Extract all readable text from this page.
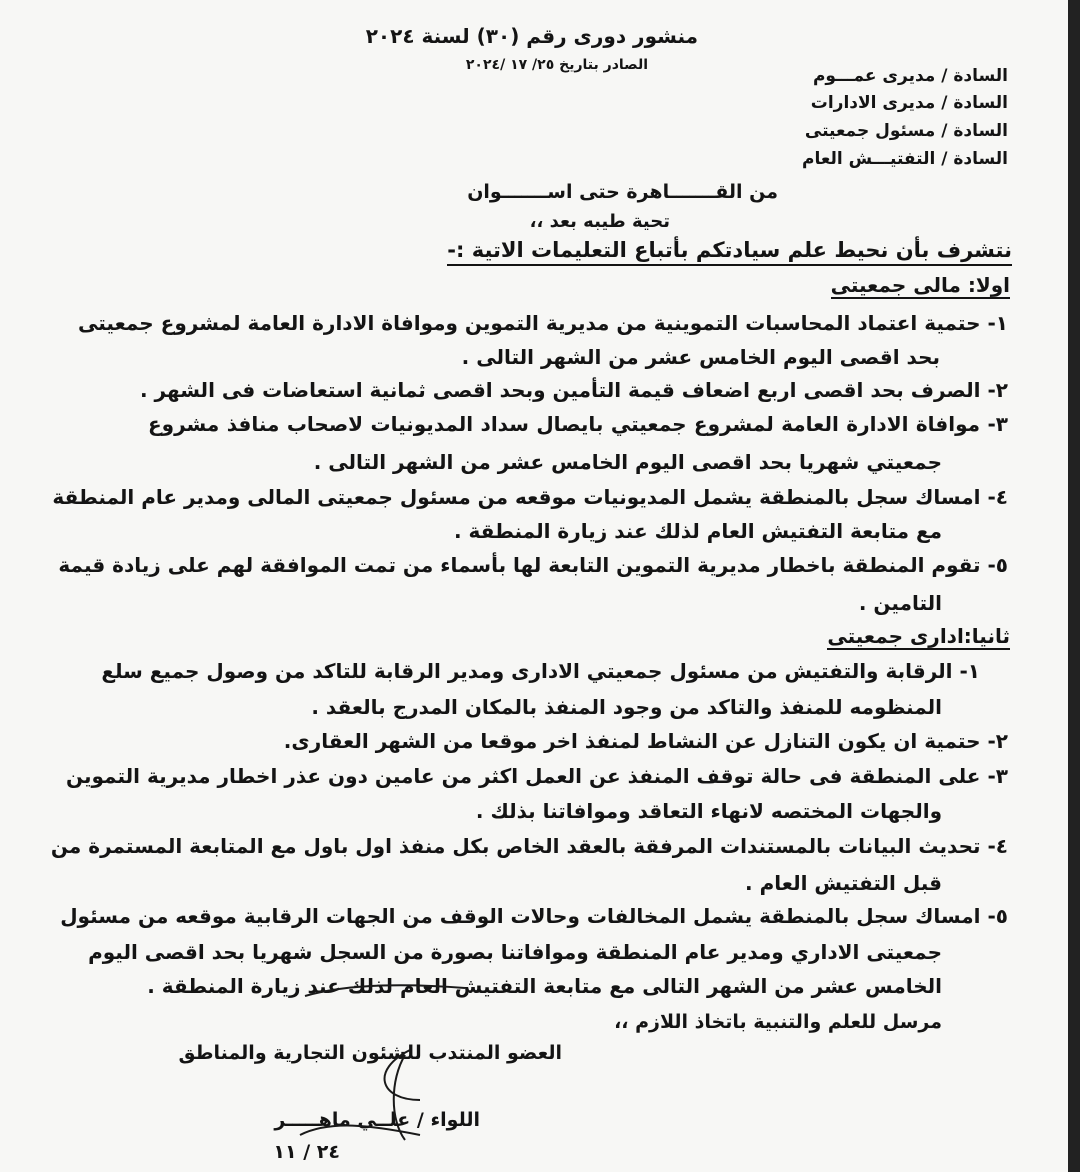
منشور دورى رقم (٣٠) لسنة ٢٠٢٤
الصادر بتاريخ ٢٥/ ١٧ /٢٠٢٤
السادة / مديرى عمـــوم
السادة / مديرى الادارات
السادة / مسئول جمعيتى
السادة / التفتيـــش العام
من القـــــــاهرة حتى اســـــــوان
تحية طيبه بعد ،،
نتشرف بأن نحيط علم سيادتكم بأتباع التعليمات الاتية :-
اولا: مالى جمعيتى
١- حتمية اعتماد المحاسبات التموينية من مديرية التموين وموافاة الادارة العامة لمشروع جمعيتى
بحد اقصى اليوم الخامس عشر من الشهر التالى .
٢- الصرف بحد اقصى اربع اضعاف قيمة التأمين وبحد اقصى ثمانية استعاضات فى الشهر .
٣- موافاة الادارة العامة لمشروع جمعيتي بايصال سداد المديونيات لاصحاب منافذ مشروع
جمعيتي شهريا بحد اقصى اليوم الخامس عشر من الشهر التالى .
٤- امساك سجل بالمنطقة يشمل المديونيات موقعه من مسئول جمعيتى المالى ومدير عام المنطقة
مع متابعة التفتيش العام لذلك عند زيارة المنطقة .
٥- تقوم المنطقة باخطار مديرية التموين التابعة لها بأسماء من تمت الموافقة لهم على زيادة قيمة
التامين .
ثانيا:ادارى جمعيتى
١- الرقابة والتفتيش من مسئول جمعيتي الادارى ومدير الرقابة للتاكد من وصول جميع سلع
المنظومه للمنفذ والتاكد من وجود المنفذ بالمكان المدرج بالعقد .
٢- حتمية ان يكون التنازل عن النشاط لمنفذ اخر موقعا من الشهر العقارى.
٣- على المنطقة فى حالة توقف المنفذ عن العمل اكثر من عامين دون عذر اخطار مديرية التموين
والجهات المختصه لانهاء التعاقد وموافاتنا بذلك .
٤- تحديث البيانات بالمستندات المرفقة بالعقد الخاص بكل منفذ اول باول مع المتابعة المستمرة من
قبل التفتيش العام .
٥- امساك سجل بالمنطقة يشمل المخالفات وحالات الوقف من الجهات الرقابية موقعه من مسئول
جمعيتى الاداري ومدير عام المنطقة وموافاتنا بصورة من السجل شهريا بحد اقصى اليوم
الخامس عشر من الشهر التالى مع متابعة التفتيش العام لذلك عند زيارة المنطقة .
مرسل للعلم والتنبية باتخاذ اللازم ،،
العضو المنتدب للشئون التجارية والمناطق
اللواء / علــي ماهـــــر
٢٤ / ١١
